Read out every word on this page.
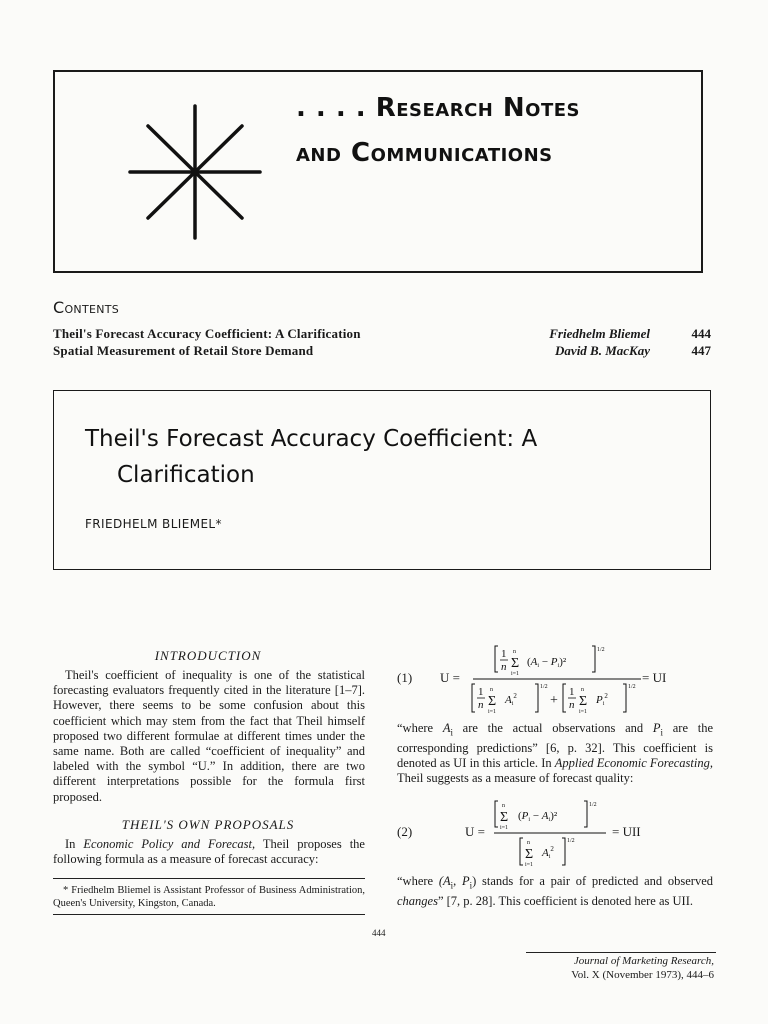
. . . . Research Notes
and Communications
Contents
Theil's Forecast Accuracy Coefficient: A Clarification	Friedhelm Bliemel	444
Spatial Measurement of Retail Store Demand	David B. MacKay	447
Theil's Forecast Accuracy Coefficient: A
Clarification
FRIEDHELM BLIEMEL*
INTRODUCTION
Theil's coefficient of inequality is one of the statistical forecasting evaluators frequently cited in the literature [1–7]. However, there seems to be some confusion about this coefficient which may stem from the fact that Theil himself proposed two different formulae at different times under the same name. Both are called “coefficient of inequality” and labeled with the symbol “U.” In addition, there are two different interpretations possible for the formula first proposed.
THEIL'S OWN PROPOSALS
In Economic Policy and Forecast, Theil proposes the following formula as a measure of forecast accuracy:
* Friedhelm Bliemel is Assistant Professor of Business Administration, Queen's University, Kingston, Canada.
(1) U =
1
n Σ
n
i=1
(Ai − Pi)²
1/2
1
n Σ
n
i=1
Ai$^2$
1/2
+
1
n Σ
n
i=1
Pi$^2$
1/2
= UI
“where $A_i$ are the actual observations and $P_i$ are the corresponding predictions” [6, p. 32]. This coefficient is denoted as UI in this article. In Applied Economic Forecasting, Theil suggests as a measure of forecast quality:
(2)	U =
Σ
n
i=1
(Pi − Ai)²
1/2
Σ
n
i=1
Ai$^2$
1/2
= UII
“where ($A_i$, $P_i$) stands for a pair of predicted and observed changes” [7, p. 28]. This coefficient is denoted here as UII.
444
Journal of Marketing Research,
Vol. X (November 1973), 444–6
